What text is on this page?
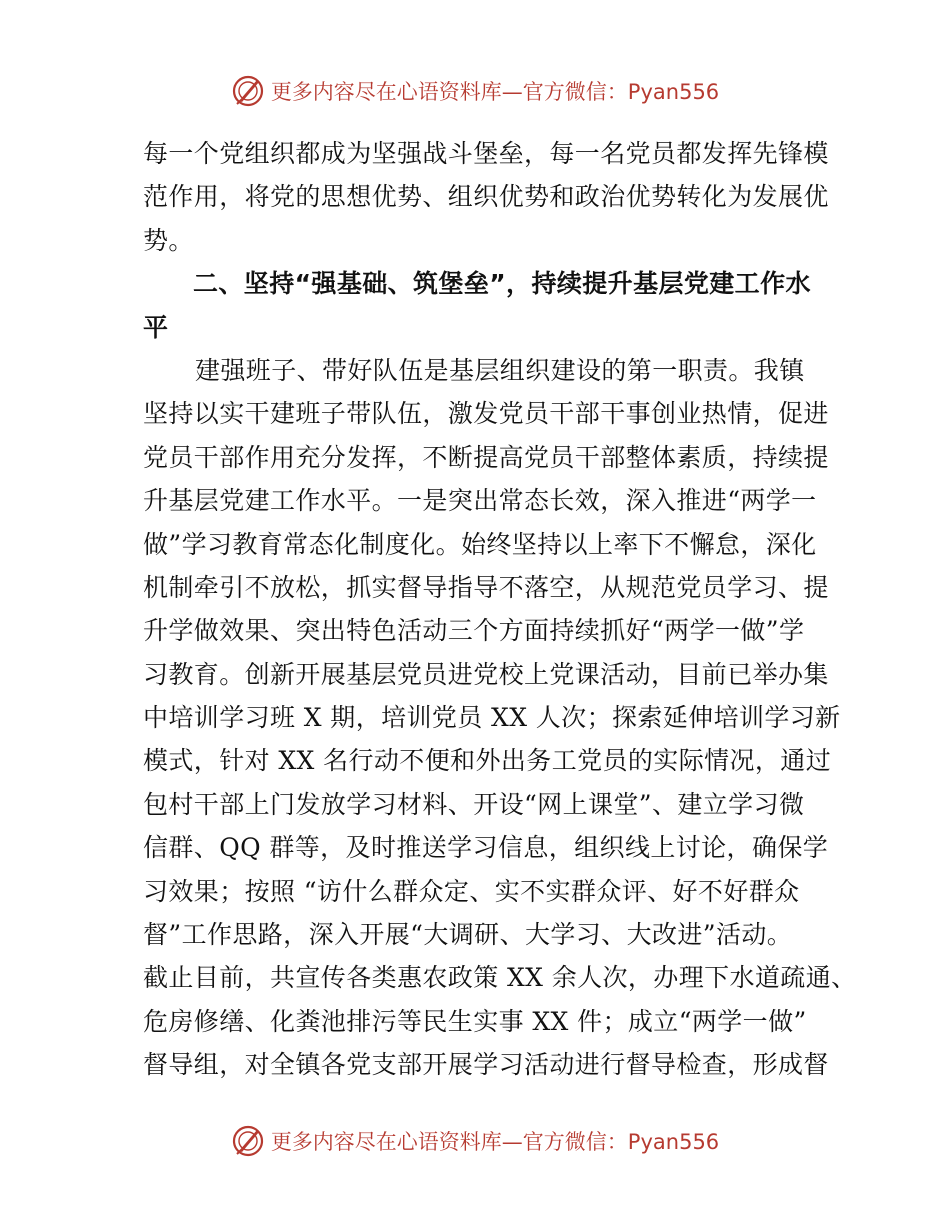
更多内容尽在心语资料库—官方微信：Pyan556
每一个党组织都成为坚强战斗堡垒，每一名党员都发挥先锋模
范作用，将党的思想优势、组织优势和政治优势转化为发展优
势。
二、坚持“强基础、筑堡垒”，持续提升基层党建工作水
平
建强班子、带好队伍是基层组织建设的第一职责。我镇
坚持以实干建班子带队伍，激发党员干部干事创业热情，促进
党员干部作用充分发挥，不断提高党员干部整体素质，持续提
升基层党建工作水平。一是突出常态长效，深入推进“两学一
做”学习教育常态化制度化。始终坚持以上率下不懈怠，深化
机制牵引不放松，抓实督导指导不落空，从规范党员学习、提
升学做效果、突出特色活动三个方面持续抓好“两学一做”学
习教育。创新开展基层党员进党校上党课活动，目前已举办集
中培训学习班 X 期，培训党员 XX 人次；探索延伸培训学习新
模式，针对 XX 名行动不便和外出务工党员的实际情况，通过
包村干部上门发放学习材料、开设“网上课堂”、建立学习微
信群、QQ 群等，及时推送学习信息，组织线上讨论，确保学
习效果；按照 “访什么群众定、实不实群众评、好不好群众
督”工作思路，深入开展“大调研、大学习、大改进”活动。
截止目前，共宣传各类惠农政策 XX 余人次，办理下水道疏通、
危房修缮、化粪池排污等民生实事 XX 件；成立“两学一做”
督导组，对全镇各党支部开展学习活动进行督导检查，形成督
更多内容尽在心语资料库—官方微信：Pyan556
